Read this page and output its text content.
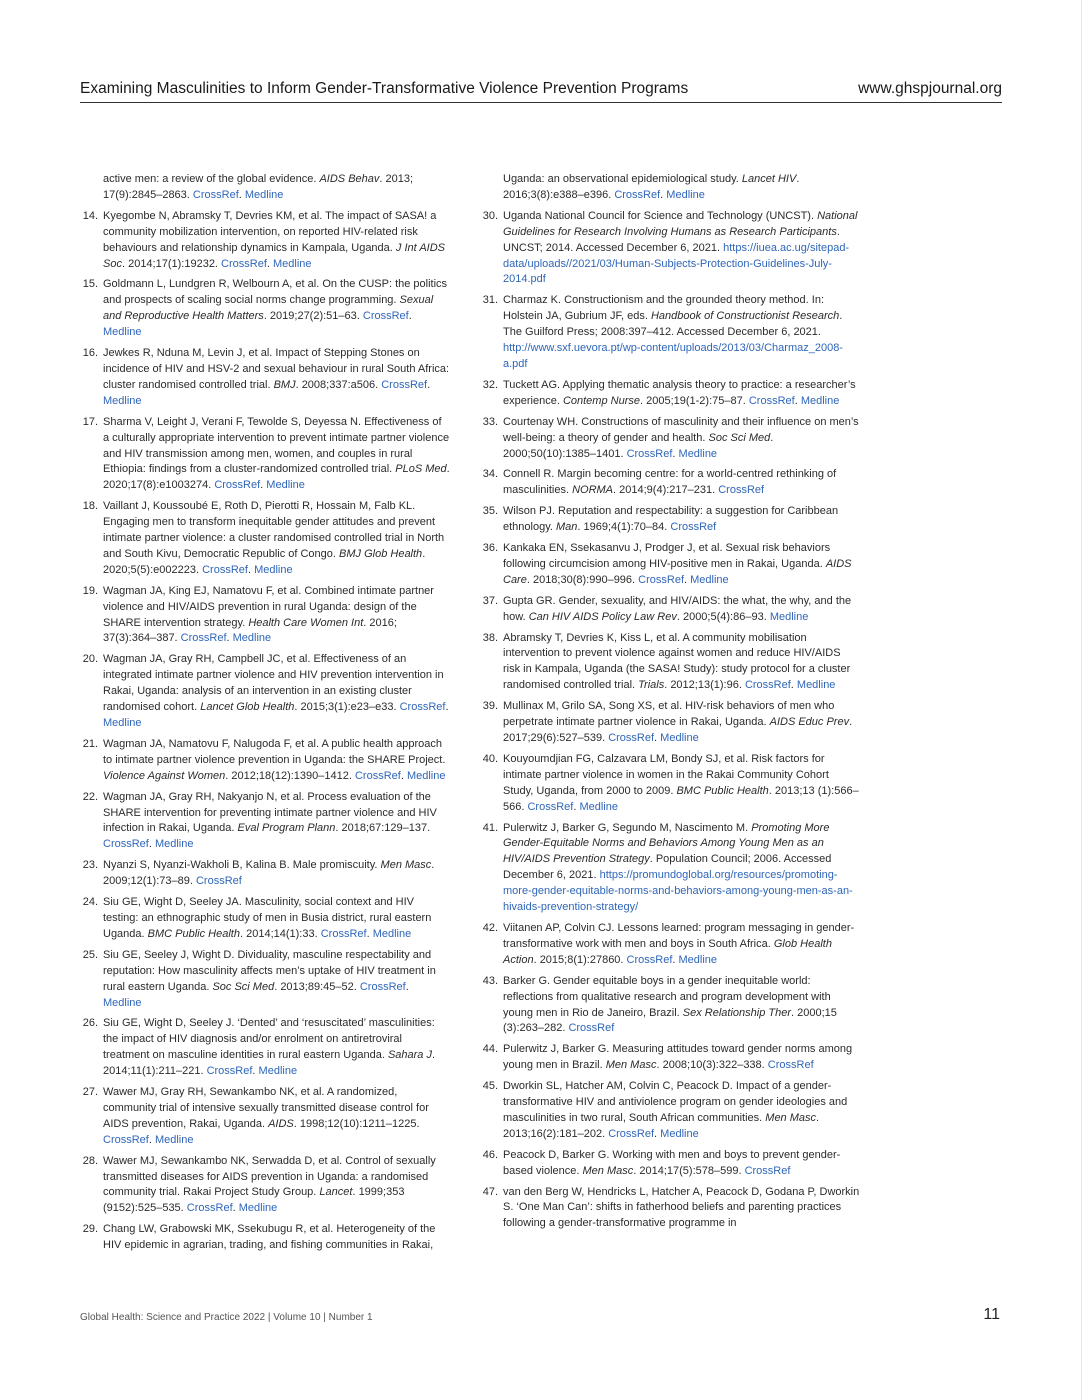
Examining Masculinities to Inform Gender-Transformative Violence Prevention Programs	www.ghspjournal.org
active men: a review of the global evidence. AIDS Behav. 2013; 17(9):2845–2863. CrossRef. Medline
14. Kyegombe N, Abramsky T, Devries KM, et al. The impact of SASA! a community mobilization intervention, on reported HIV-related risk behaviours and relationship dynamics in Kampala, Uganda. J Int AIDS Soc. 2014;17(1):19232. CrossRef. Medline
15. Goldmann L, Lundgren R, Welbourn A, et al. On the CUSP: the politics and prospects of scaling social norms change programming. Sexual and Reproductive Health Matters. 2019;27(2):51–63. CrossRef. Medline
16. Jewkes R, Nduna M, Levin J, et al. Impact of Stepping Stones on incidence of HIV and HSV-2 and sexual behaviour in rural South Africa: cluster randomised controlled trial. BMJ. 2008;337:a506. CrossRef. Medline
17. Sharma V, Leight J, Verani F, Tewolde S, Deyessa N. Effectiveness of a culturally appropriate intervention to prevent intimate partner violence and HIV transmission among men, women, and couples in rural Ethiopia: findings from a cluster-randomized controlled trial. PLoS Med. 2020;17(8):e1003274. CrossRef. Medline
18. Vaillant J, Koussoubé E, Roth D, Pierotti R, Hossain M, Falb KL. Engaging men to transform inequitable gender attitudes and prevent intimate partner violence: a cluster randomised controlled trial in North and South Kivu, Democratic Republic of Congo. BMJ Glob Health. 2020;5(5):e002223. CrossRef. Medline
19. Wagman JA, King EJ, Namatovu F, et al. Combined intimate partner violence and HIV/AIDS prevention in rural Uganda: design of the SHARE intervention strategy. Health Care Women Int. 2016; 37(3):364–387. CrossRef. Medline
20. Wagman JA, Gray RH, Campbell JC, et al. Effectiveness of an integrated intimate partner violence and HIV prevention intervention in Rakai, Uganda: analysis of an intervention in an existing cluster randomised cohort. Lancet Glob Health. 2015;3(1):e23–e33. CrossRef. Medline
21. Wagman JA, Namatovu F, Nalugoda F, et al. A public health approach to intimate partner violence prevention in Uganda: the SHARE Project. Violence Against Women. 2012;18(12):1390–1412. CrossRef. Medline
22. Wagman JA, Gray RH, Nakyanjo N, et al. Process evaluation of the SHARE intervention for preventing intimate partner violence and HIV infection in Rakai, Uganda. Eval Program Plann. 2018;67:129–137. CrossRef. Medline
23. Nyanzi S, Nyanzi-Wakholi B, Kalina B. Male promiscuity. Men Masc. 2009;12(1):73–89. CrossRef
24. Siu GE, Wight D, Seeley JA. Masculinity, social context and HIV testing: an ethnographic study of men in Busia district, rural eastern Uganda. BMC Public Health. 2014;14(1):33. CrossRef. Medline
25. Siu GE, Seeley J, Wight D. Dividuality, masculine respectability and reputation: How masculinity affects men’s uptake of HIV treatment in rural eastern Uganda. Soc Sci Med. 2013;89:45–52. CrossRef. Medline
26. Siu GE, Wight D, Seeley J. ‘Dented’ and ‘resuscitated’ masculinities: the impact of HIV diagnosis and/or enrolment on antiretroviral treatment on masculine identities in rural eastern Uganda. Sahara J. 2014;11(1):211–221. CrossRef. Medline
27. Wawer MJ, Gray RH, Sewankambo NK, et al. A randomized, community trial of intensive sexually transmitted disease control for AIDS prevention, Rakai, Uganda. AIDS. 1998;12(10):1211–1225. CrossRef. Medline
28. Wawer MJ, Sewankambo NK, Serwadda D, et al. Control of sexually transmitted diseases for AIDS prevention in Uganda: a randomised community trial. Rakai Project Study Group. Lancet. 1999;353 (9152):525–535. CrossRef. Medline
29. Chang LW, Grabowski MK, Ssekubugu R, et al. Heterogeneity of the HIV epidemic in agrarian, trading, and fishing communities in Rakai,
Uganda: an observational epidemiological study. Lancet HIV. 2016;3(8):e388–e396. CrossRef. Medline
30. Uganda National Council for Science and Technology (UNCST). National Guidelines for Research Involving Humans as Research Participants. UNCST; 2014. Accessed December 6, 2021. https://iuea.ac.ug/sitepad-data/uploads//2021/03/Human-Subjects-Protection-Guidelines-July-2014.pdf
31. Charmaz K. Constructionism and the grounded theory method. In: Holstein JA, Gubrium JF, eds. Handbook of Constructionist Research. The Guilford Press; 2008:397–412. Accessed December 6, 2021. http://www.sxf.uevora.pt/wp-content/uploads/2013/03/Charmaz_2008-a.pdf
32. Tuckett AG. Applying thematic analysis theory to practice: a researcher’s experience. Contemp Nurse. 2005;19(1-2):75–87. CrossRef. Medline
33. Courtenay WH. Constructions of masculinity and their influence on men’s well-being: a theory of gender and health. Soc Sci Med. 2000;50(10):1385–1401. CrossRef. Medline
34. Connell R. Margin becoming centre: for a world-centred rethinking of masculinities. NORMA. 2014;9(4):217–231. CrossRef
35. Wilson PJ. Reputation and respectability: a suggestion for Caribbean ethnology. Man. 1969;4(1):70–84. CrossRef
36. Kankaka EN, Ssekasanvu J, Prodger J, et al. Sexual risk behaviors following circumcision among HIV-positive men in Rakai, Uganda. AIDS Care. 2018;30(8):990–996. CrossRef. Medline
37. Gupta GR. Gender, sexuality, and HIV/AIDS: the what, the why, and the how. Can HIV AIDS Policy Law Rev. 2000;5(4):86–93. Medline
38. Abramsky T, Devries K, Kiss L, et al. A community mobilisation intervention to prevent violence against women and reduce HIV/AIDS risk in Kampala, Uganda (the SASA! Study): study protocol for a cluster randomised controlled trial. Trials. 2012;13(1):96. CrossRef. Medline
39. Mullinax M, Grilo SA, Song XS, et al. HIV-risk behaviors of men who perpetrate intimate partner violence in Rakai, Uganda. AIDS Educ Prev. 2017;29(6):527–539. CrossRef. Medline
40. Kouyoumdjian FG, Calzavara LM, Bondy SJ, et al. Risk factors for intimate partner violence in women in the Rakai Community Cohort Study, Uganda, from 2000 to 2009. BMC Public Health. 2013;13 (1):566–566. CrossRef. Medline
41. Pulerwitz J, Barker G, Segundo M, Nascimento M. Promoting More Gender-Equitable Norms and Behaviors Among Young Men as an HIV/AIDS Prevention Strategy. Population Council; 2006. Accessed December 6, 2021. https://promundoglobal.org/resources/promoting-more-gender-equitable-norms-and-behaviors-among-young-men-as-an-hivaids-prevention-strategy/
42. Viitanen AP, Colvin CJ. Lessons learned: program messaging in gender-transformative work with men and boys in South Africa. Glob Health Action. 2015;8(1):27860. CrossRef. Medline
43. Barker G. Gender equitable boys in a gender inequitable world: reflections from qualitative research and program development with young men in Rio de Janeiro, Brazil. Sex Relationship Ther. 2000;15 (3):263–282. CrossRef
44. Pulerwitz J, Barker G. Measuring attitudes toward gender norms among young men in Brazil. Men Masc. 2008;10(3):322–338. CrossRef
45. Dworkin SL, Hatcher AM, Colvin C, Peacock D. Impact of a gender-transformative HIV and antiviolence program on gender ideologies and masculinities in two rural, South African communities. Men Masc. 2013;16(2):181–202. CrossRef. Medline
46. Peacock D, Barker G. Working with men and boys to prevent gender-based violence. Men Masc. 2014;17(5):578–599. CrossRef
47. van den Berg W, Hendricks L, Hatcher A, Peacock D, Godana P, Dworkin S. ‘One Man Can’: shifts in fatherhood beliefs and parenting practices following a gender-transformative programme in
Global Health: Science and Practice 2022 | Volume 10 | Number 1	11
